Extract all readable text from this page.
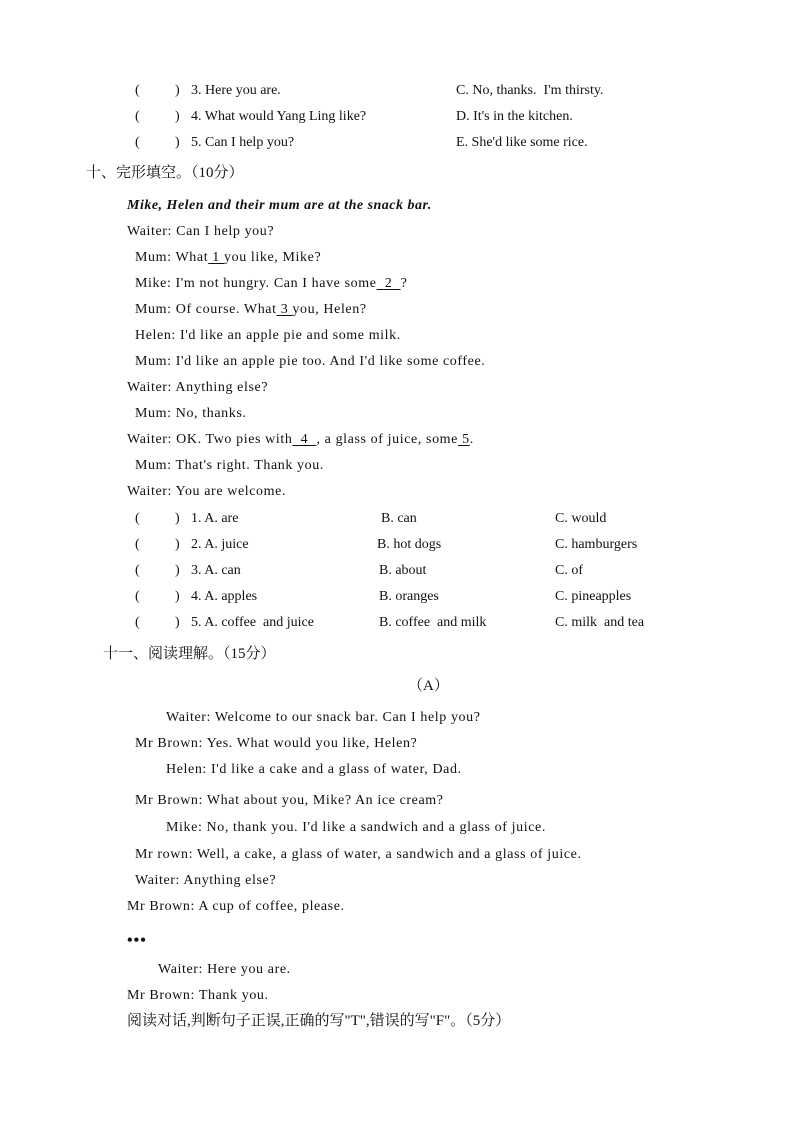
(	) 3. Here you are.	C. No, thanks.  I'm thirsty.
(	) 4. What would Yang Ling like?	D. It's in the kitchen.
(	) 5. Can I help you?	E. She'd like some rice.
十、完形填空。（10分）
Mike, Helen and their mum are at the snack bar.
Waiter: Can I help you?
Mum: What 1 you like, Mike?
Mike: I'm not hungry. Can I have some  2  ?
Mum: Of course. What 3 you, Helen?
Helen: I'd like an apple pie and some milk.
Mum: I'd like an apple pie too. And I'd like some coffee.
Waiter: Anything else?
Mum: No, thanks.
Waiter: OK. Two pies with  4  , a glass of juice, some 5.
Mum: That's right. Thank you.
Waiter: You are welcome.
(	) 1. A. are	B. can	C. would
(	) 2. A. juice	B. hot dogs	C. hamburgers
(	) 3. A. can	B. about	C. of
(	) 4. A. apples	B. oranges	C. pineapples
(	) 5. A. coffee  and juice	B. coffee  and milk	C. milk  and tea
十一、阅读理解。（15分）
（A）
Waiter: Welcome to our snack bar. Can I help you?
Mr Brown: Yes. What would you like, Helen?
Helen: I'd like a cake and a glass of water, Dad.
Mr Brown: What about you, Mike? An ice cream?
Mike: No, thank you. I'd like a sandwich and a glass of juice.
Mr rown: Well, a cake, a glass of water, a sandwich and a glass of juice.
Waiter: Anything else?
Mr Brown: A cup of coffee, please.
•••
Waiter: Here you are.
Mr Brown: Thank you.
阅读对话,判断句子正误,正确的写"T",错误的写"F"。（5分）
